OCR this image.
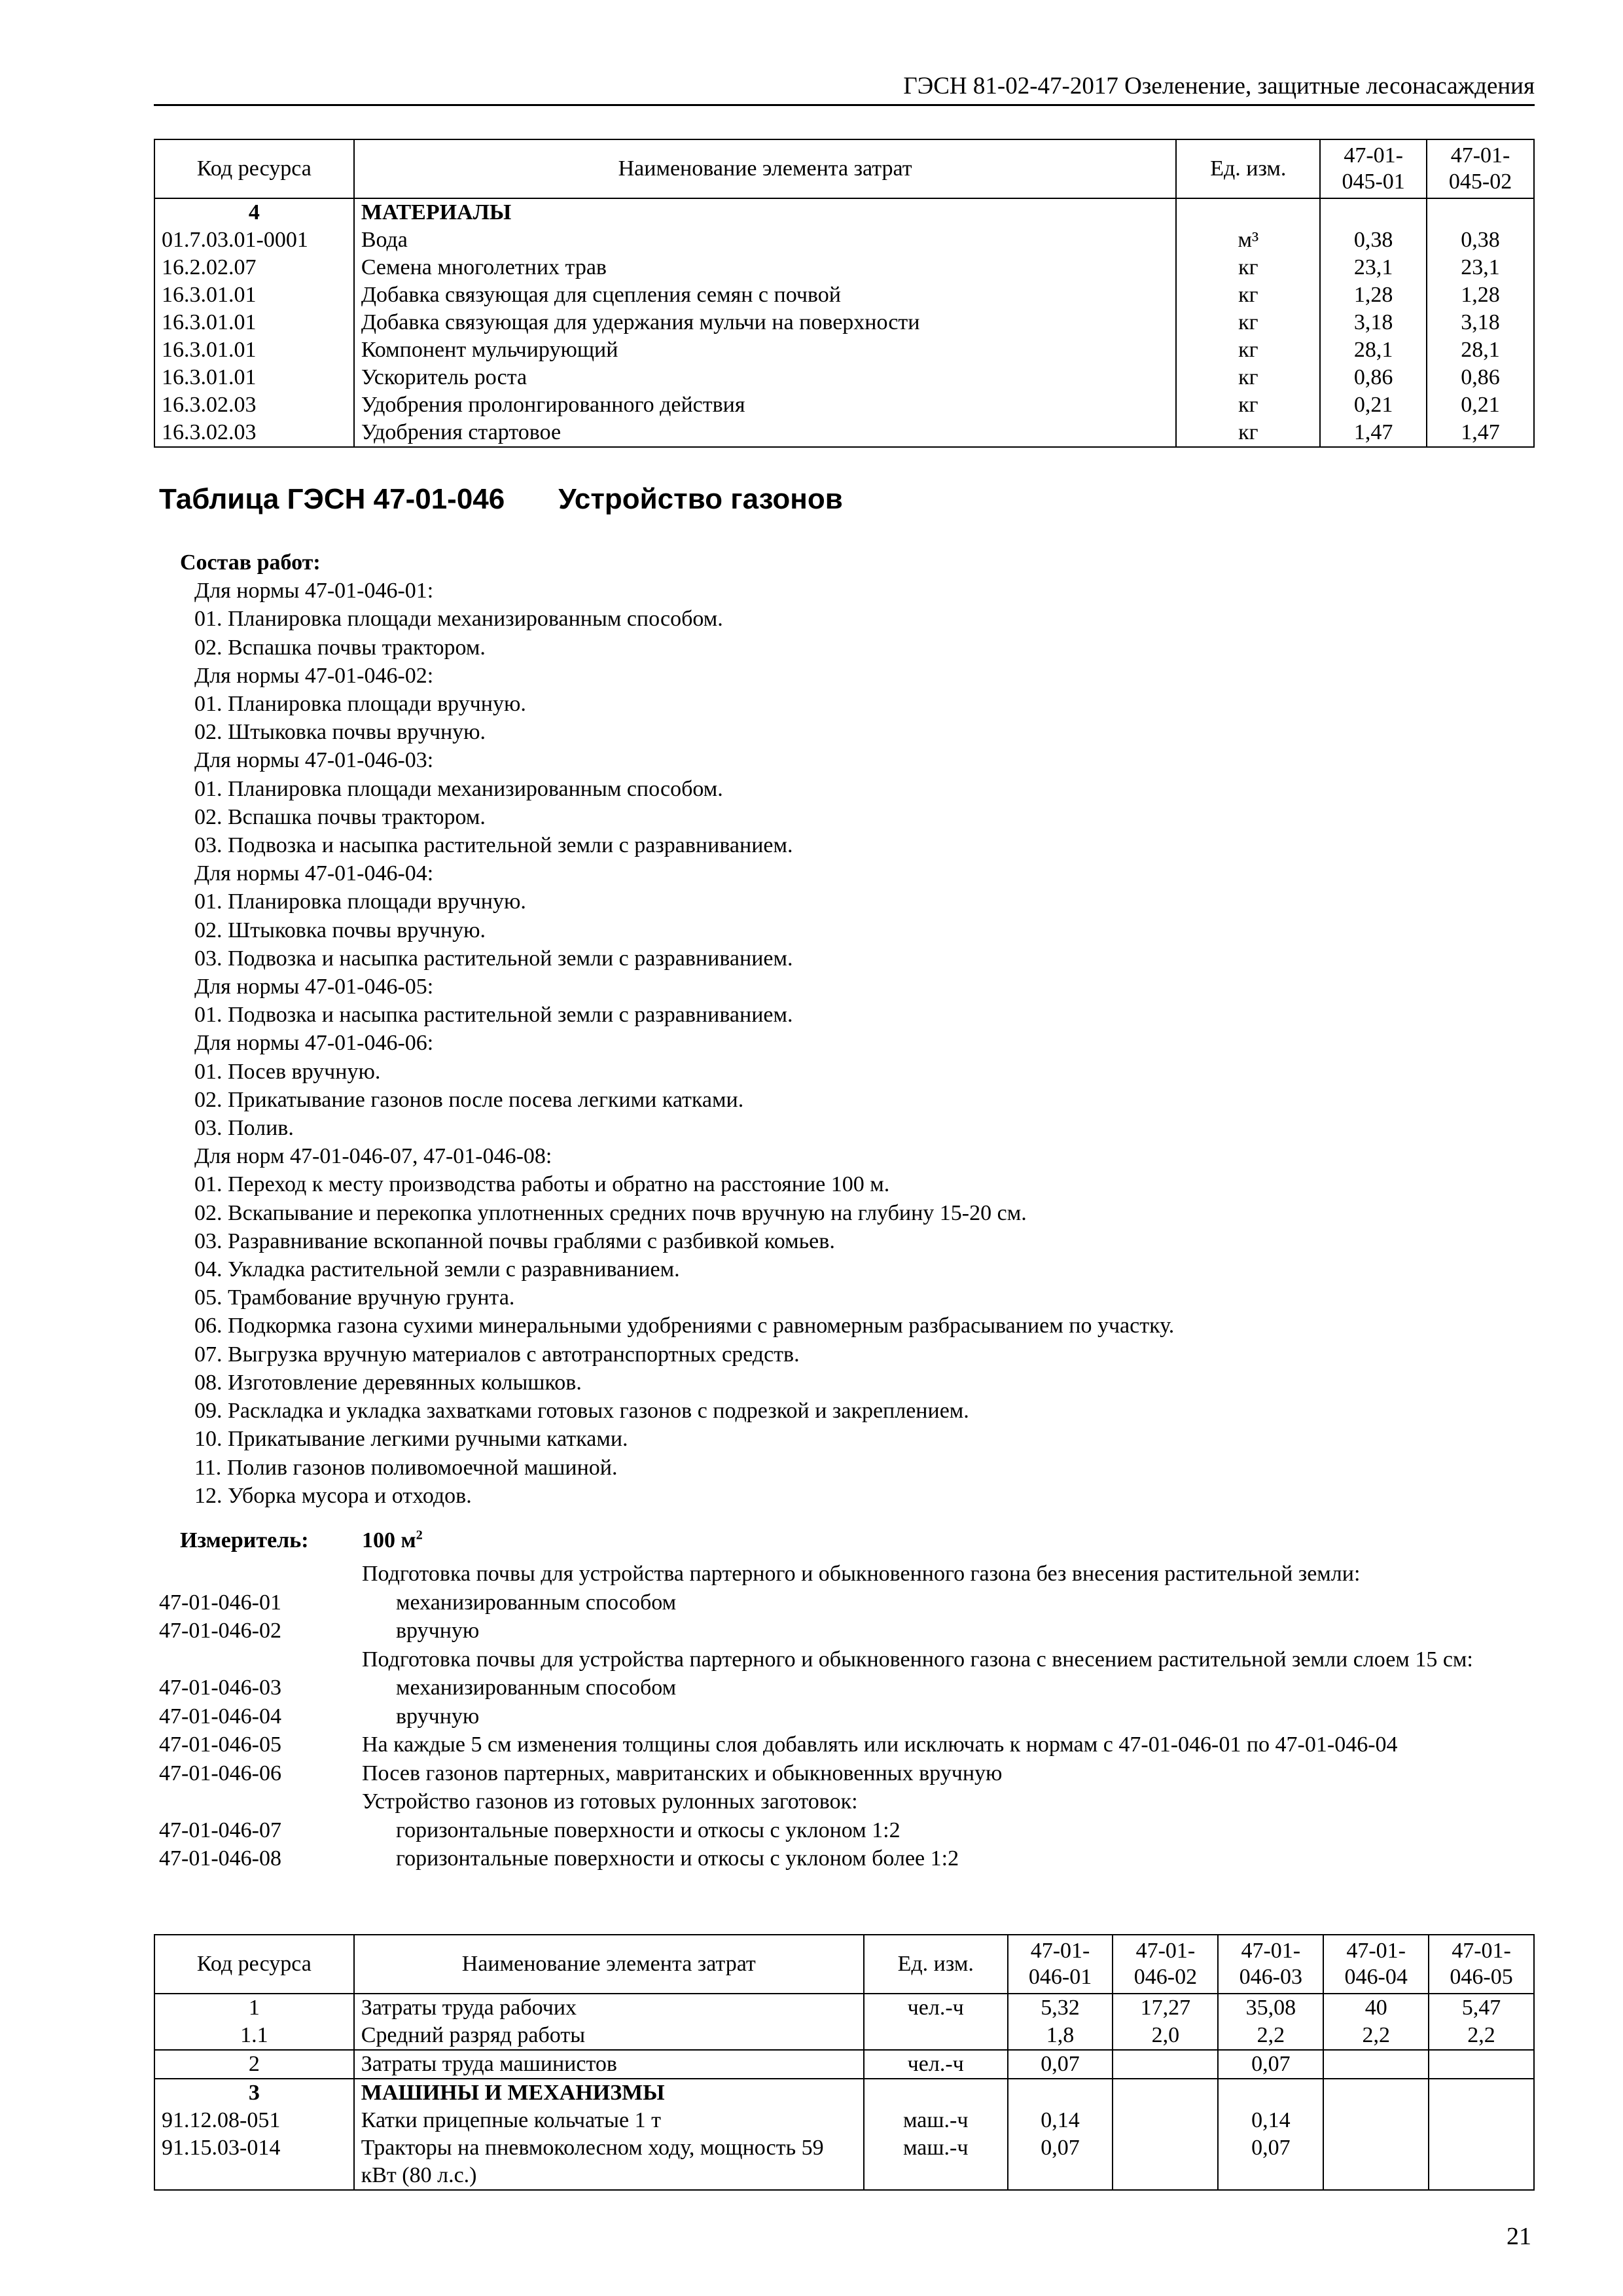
ГЭСН 81-02-47-2017 Озеленение, защитные лесонасаждения
Код ресурса	Наименование элемента затрат	Ед. изм.	47-01-
045-01	47-01-
045-02
4	МАТЕРИАЛЫ			
01.7.03.01-0001	Вода	м³	0,38	0,38
16.2.02.07	Семена многолетних трав	кг	23,1	23,1
16.3.01.01	Добавка связующая для сцепления семян с почвой	кг	1,28	1,28
16.3.01.01	Добавка связующая для удержания мульчи на поверхности	кг	3,18	3,18
16.3.01.01	Компонент мульчирующий	кг	28,1	28,1
16.3.01.01	Ускоритель роста	кг	0,86	0,86
16.3.02.03	Удобрения пролонгированного действия	кг	0,21	0,21
16.3.02.03	Удобрения стартовое	кг	1,47	1,47
Таблица ГЭСН 47-01-046 Устройство газонов
Состав работ:
Для нормы 47-01-046-01:
01. Планировка площади механизированным способом.
02. Вспашка почвы трактором.
Для нормы 47-01-046-02:
01. Планировка площади вручную.
02. Штыковка почвы вручную.
Для нормы 47-01-046-03:
01. Планировка площади механизированным способом.
02. Вспашка почвы трактором.
03. Подвозка и насыпка растительной земли с разравниванием.
Для нормы 47-01-046-04:
01. Планировка площади вручную.
02. Штыковка почвы вручную.
03. Подвозка и насыпка растительной земли с разравниванием.
Для нормы 47-01-046-05:
01. Подвозка и насыпка растительной земли с разравниванием.
Для нормы 47-01-046-06:
01. Посев вручную.
02. Прикатывание газонов после посева легкими катками.
03. Полив.
Для норм 47-01-046-07, 47-01-046-08:
01. Переход к месту производства работы и обратно на расстояние 100 м.
02. Вскапывание и перекопка уплотненных средних почв вручную на глубину 15-20 см.
03. Разравнивание вскопанной почвы граблями с разбивкой комьев.
04. Укладка растительной земли с разравниванием.
05. Трамбование вручную грунта.
06. Подкормка газона сухими минеральными удобрениями с равномерным разбрасыванием по участку.
07. Выгрузка вручную материалов с автотранспортных средств.
08. Изготовление деревянных колышков.
09. Раскладка и укладка захватками готовых газонов с подрезкой и закреплением.
10. Прикатывание легкими ручными катками.
11. Полив газонов поливомоечной машиной.
12. Уборка мусора и отходов.
Измеритель: 100 $м^2$
Подготовка почвы для устройства партерного и обыкновенного газона без внесения растительной земли:
47-01-046-01	механизированным способом
47-01-046-02	вручную
Подготовка почвы для устройства партерного и обыкновенного газона с внесением растительной земли слоем 15 см:
47-01-046-03	механизированным способом
47-01-046-04	вручную
47-01-046-05	На каждые 5 см изменения толщины слоя добавлять или исключать к нормам с 47-01-046-01 по 47-01-046-04
47-01-046-06	Посев газонов партерных, мавританских и обыкновенных вручную
Устройство газонов из готовых рулонных заготовок:
47-01-046-07	горизонтальные поверхности и откосы с уклоном 1:2
47-01-046-08	горизонтальные поверхности и откосы с уклоном более 1:2
Код ресурса	Наименование элемента затрат	Ед. изм.	47-01-
046-01	47-01-
046-02	47-01-
046-03	47-01-
046-04	47-01-
046-05
1	Затраты труда рабочих	чел.-ч	5,32	17,27	35,08	40	5,47
1.1	Средний разряд работы		1,8	2,0	2,2	2,2	2,2
2	Затраты труда машинистов	чел.-ч	0,07		0,07		
3	МАШИНЫ И МЕХАНИЗМЫ						
91.12.08-051	Катки прицепные кольчатые 1 т	маш.-ч	0,14		0,14		
91.15.03-014	Тракторы на пневмоколесном ходу, мощность 59 кВт (80 л.с.)	маш.-ч	0,07		0,07		
21
